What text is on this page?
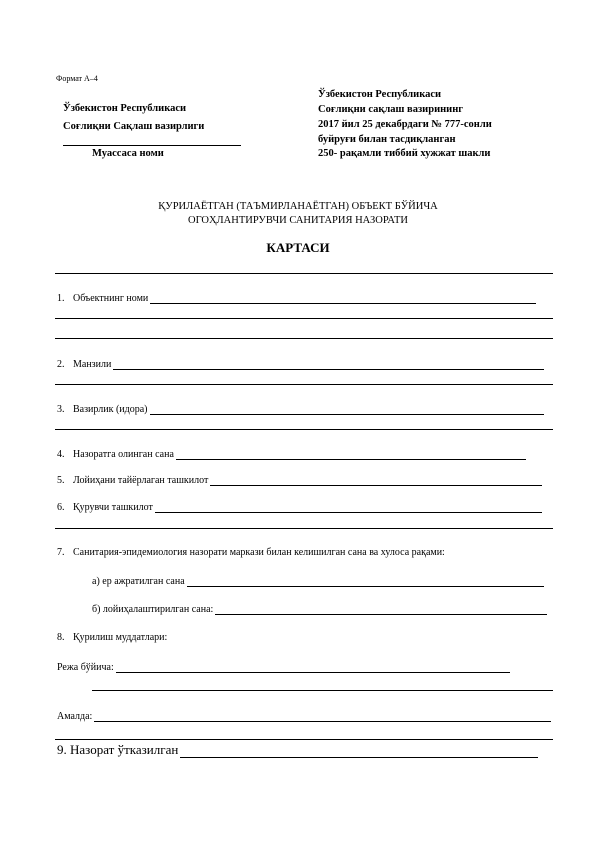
Формат А–4
Ўзбекистон Республикаси
Соғлиқни Сақлаш вазирлиги
Муассаса номи
Ўзбекистон Республикаси
Соғлиқни сақлаш вазирининг
2017 йил 25 декабрдаги № 777-сонли
буйруғи билан тасдиқланган
250- рақамли тиббий хужжат шакли
ҚУРИЛАЁТГАН (ТАЪМИРЛАНАЁТГАН) ОБЪЕКТ БЎЙИЧА
ОГОҲЛАНТИРУВЧИ САНИТАРИЯ НАЗОРАТИ
КАРТАСИ
1. Объектнинг номи
2. Манзили
3. Вазирлик (идора)
4. Назоратга олинган сана
5. Лойиҳани тайёрлаган ташкилот
6. Қурувчи ташкилот
7. Санитария-эпидемиология назорати маркази билан келишилган сана ва хулоса рақами:
а) ер ажратилган сана
б) лойиҳалаштирилган сана:
8. Қурилиш муддатлари:
Режа бўйича:
Амалда:
9. Назорат ўтказилган
